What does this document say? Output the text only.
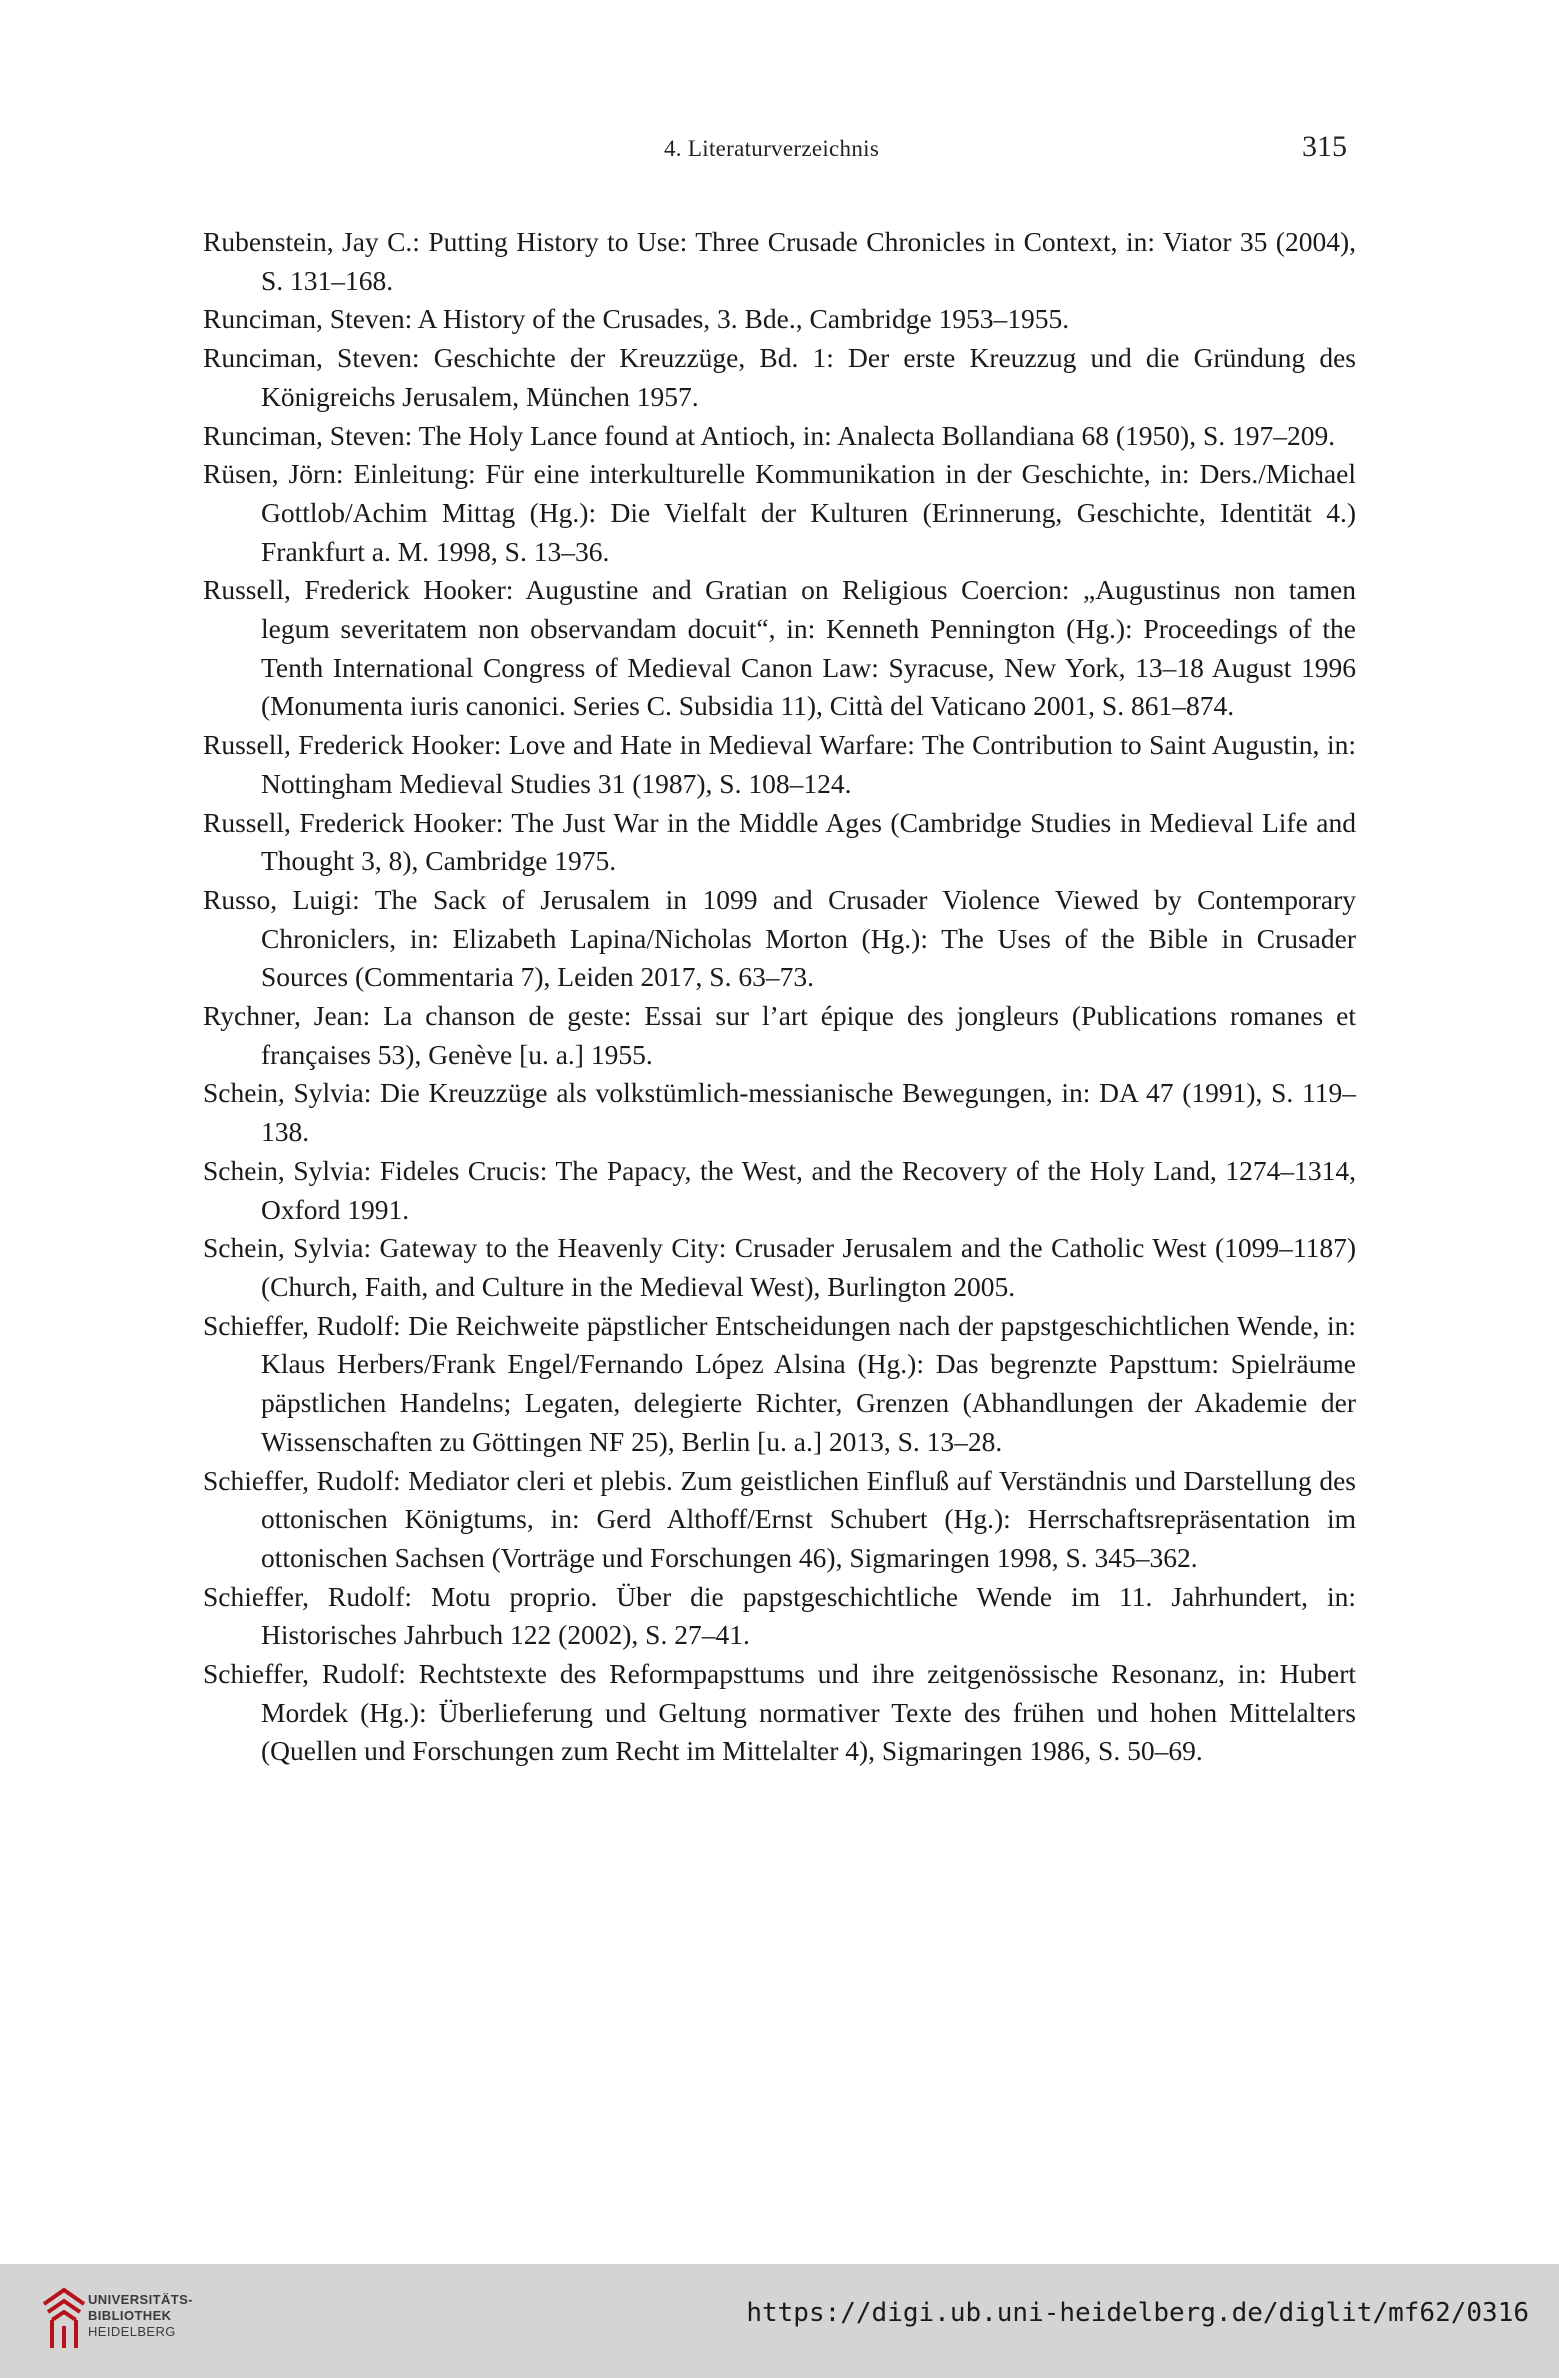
4. Literaturverzeichnis	315
Rubenstein, Jay C.: Putting History to Use: Three Crusade Chronicles in Context, in: Viator 35 (2004), S. 131–168.
Runciman, Steven: A History of the Crusades, 3. Bde., Cambridge 1953–1955.
Runciman, Steven: Geschichte der Kreuzzüge, Bd. 1: Der erste Kreuzzug und die Gründung des Königreichs Jerusalem, München 1957.
Runciman, Steven: The Holy Lance found at Antioch, in: Analecta Bollandiana 68 (1950), S. 197–209.
Rüsen, Jörn: Einleitung: Für eine interkulturelle Kommunikation in der Geschichte, in: Ders./Michael Gottlob/Achim Mittag (Hg.): Die Vielfalt der Kulturen (Erinnerung, Geschichte, Identität 4.) Frankfurt a. M. 1998, S. 13–36.
Russell, Frederick Hooker: Augustine and Gratian on Religious Coercion: „Augustinus non tamen legum severitatem non observandam docuit“, in: Kenneth Pennington (Hg.): Proceedings of the Tenth International Congress of Medieval Canon Law: Syracuse, New York, 13–18 August 1996 (Monumenta iuris canonici. Series C. Subsidia 11), Città del Vaticano 2001, S. 861–874.
Russell, Frederick Hooker: Love and Hate in Medieval Warfare: The Contribution to Saint Augustin, in: Nottingham Medieval Studies 31 (1987), S. 108–124.
Russell, Frederick Hooker: The Just War in the Middle Ages (Cambridge Studies in Medieval Life and Thought 3, 8), Cambridge 1975.
Russo, Luigi: The Sack of Jerusalem in 1099 and Crusader Violence Viewed by Contemporary Chroniclers, in: Elizabeth Lapina/Nicholas Morton (Hg.): The Uses of the Bible in Crusader Sources (Commentaria 7), Leiden 2017, S. 63–73.
Rychner, Jean: La chanson de geste: Essai sur l’art épique des jongleurs (Publications romanes et françaises 53), Genève [u. a.] 1955.
Schein, Sylvia: Die Kreuzzüge als volkstümlich-messianische Bewegungen, in: DA 47 (1991), S. 119–138.
Schein, Sylvia: Fideles Crucis: The Papacy, the West, and the Recovery of the Holy Land, 1274–1314, Oxford 1991.
Schein, Sylvia: Gateway to the Heavenly City: Crusader Jerusalem and the Catholic West (1099–1187) (Church, Faith, and Culture in the Medieval West), Burlington 2005.
Schieffer, Rudolf: Die Reichweite päpstlicher Entscheidungen nach der papstgeschichtlichen Wende, in: Klaus Herbers/Frank Engel/Fernando López Alsina (Hg.): Das begrenzte Papsttum: Spielräume päpstlichen Handelns; Legaten, delegierte Richter, Grenzen (Abhandlungen der Akademie der Wissenschaften zu Göttingen NF 25), Berlin [u. a.] 2013, S. 13–28.
Schieffer, Rudolf: Mediator cleri et plebis. Zum geistlichen Einfluß auf Verständnis und Darstellung des ottonischen Königtums, in: Gerd Althoff/Ernst Schubert (Hg.): Herrschaftsrepräsentation im ottonischen Sachsen (Vorträge und Forschungen 46), Sigmaringen 1998, S. 345–362.
Schieffer, Rudolf: Motu proprio. Über die papstgeschichtliche Wende im 11. Jahrhundert, in: Historisches Jahrbuch 122 (2002), S. 27–41.
Schieffer, Rudolf: Rechtstexte des Reformpapsttums und ihre zeitgenössische Resonanz, in: Hubert Mordek (Hg.): Überlieferung und Geltung normativer Texte des frühen und hohen Mittelalters (Quellen und Forschungen zum Recht im Mittelalter 4), Sigmaringen 1986, S. 50–69.
UNIVERSITÄTS-
BIBLIOTHEK
HEIDELBERG
https://digi.ub.uni-heidelberg.de/diglit/mf62/0316
